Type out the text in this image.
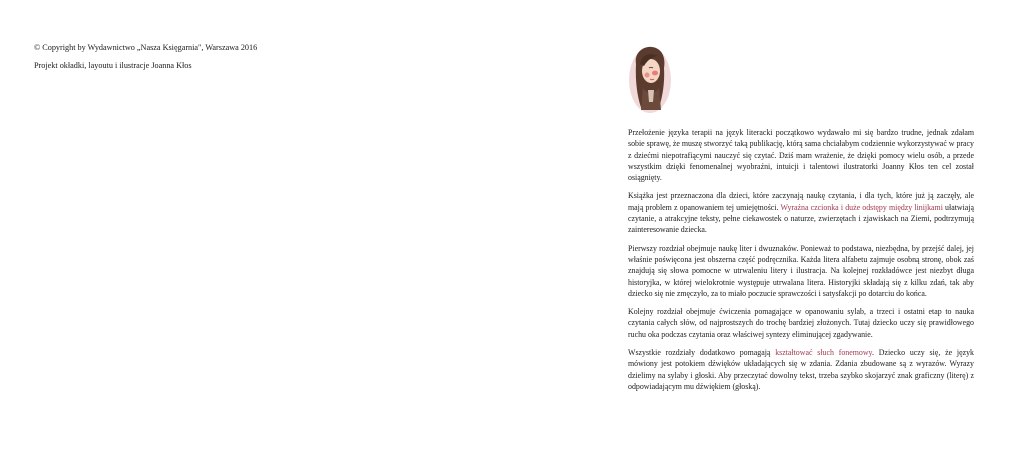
© Copyright by Wydawnictwo „Nasza Księgarnia", Warszawa 2016

Projekt okładki, layoutu i ilustracje Joanna Kłos

Przełożenie języka terapii na język literacki początkowo wydawało mi się bardzo trudne, jednak zdałam sobie sprawę, że muszę stworzyć taką publikację, którą sama chciałabym codziennie wykorzystywać w pracy z dziećmi niepotrafiącymi nauczyć się czytać. Dziś mam wrażenie, że dzięki pomocy wielu osób, a przede wszystkim dzięki fenomenalnej wyobraźni, intuicji i talentowi ilustratorki Joanny Kłos ten cel został osiągnięty.

Książka jest przeznaczona dla dzieci, które zaczynają naukę czytania, i dla tych, które już ją zaczęły, ale mają problem z opanowaniem tej umiejętności. Wyraźna czcionka i duże odstępy między linijkami ułatwiają czytanie, a atrakcyjne teksty, pełne ciekawostek o naturze, zwierzętach i zjawiskach na Ziemi, podtrzymują zainteresowanie dziecka.

Pierwszy rozdział obejmuje naukę liter i dwuznaków. Ponieważ to podstawa, niezbędna, by przejść dalej, jej właśnie poświęcona jest obszerna część podręcznika. Każda litera alfabetu zajmuje osobną stronę, obok zaś znajdują się słowa pomocne w utrwaleniu litery i ilustracja. Na kolejnej rozkładówce jest niezbyt długa historyjka, w której wielokrotnie występuje utrwalana litera. Historyjki składają się z kilku zdań, tak aby dziecko się nie zmęczyło, za to miało poczucie sprawczości i satysfakcji po dotarciu do końca.

Kolejny rozdział obejmuje ćwiczenia pomagające w opanowaniu sylab, a trzeci i ostatni etap to nauka czytania całych słów, od najprostszych do trochę bardziej złożonych. Tutaj dziecko uczy się prawidłowego ruchu oka podczas czytania oraz właściwej syntezy eliminującej zgadywanie.

Wszystkie rozdziały dodatkowo pomagają kształtować słuch fonemowy. Dziecko uczy się, że język mówiony jest potokiem dźwięków układających się w zdania. Zdania zbudowane są z wyrazów. Wyrazy dzielimy na sylaby i głoski. Aby przeczytać dowolny tekst, trzeba szybko skojarzyć znak graficzny (literę) z odpowiadającym mu dźwiękiem (głoską).
